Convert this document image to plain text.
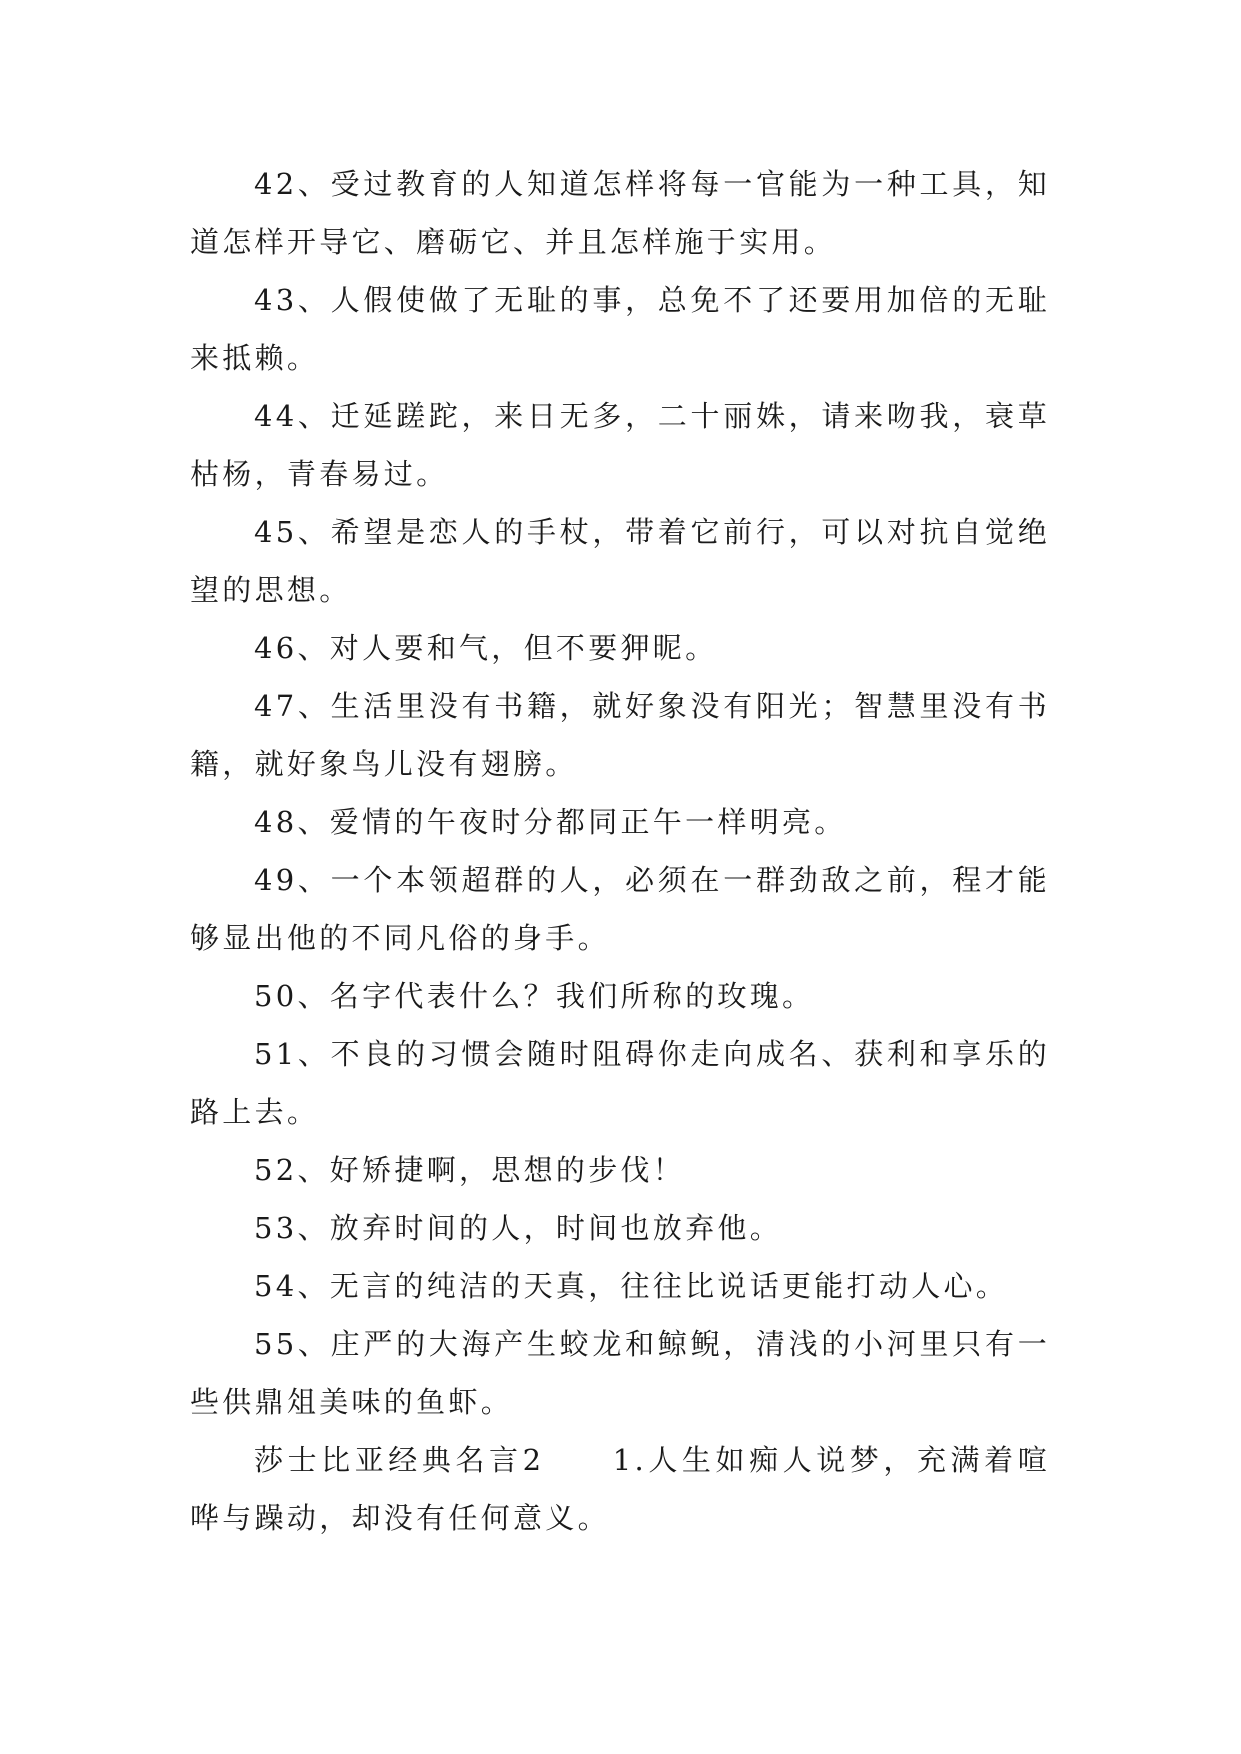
42、受过教育的人知道怎样将每一官能为一种工具，知道怎样开导它、磨砺它、并且怎样施于实用。

43、人假使做了无耻的事，总免不了还要用加倍的无耻来抵赖。

44、迁延蹉跎，来日无多，二十丽姝，请来吻我，衰草枯杨，青春易过。

45、希望是恋人的手杖，带着它前行，可以对抗自觉绝望的思想。

46、对人要和气，但不要狎昵。

47、生活里没有书籍，就好象没有阳光；智慧里没有书籍，就好象鸟儿没有翅膀。

48、爱情的午夜时分都同正午一样明亮。

49、一个本领超群的人，必须在一群劲敌之前，程才能够显出他的不同凡俗的身手。

50、名字代表什么？我们所称的玫瑰。

51、不良的习惯会随时阻碍你走向成名、获利和享乐的路上去。

52、好矫捷啊，思想的步伐！

53、放弃时间的人，时间也放弃他。

54、无言的纯洁的天真，往往比说话更能打动人心。

55、庄严的大海产生蛟龙和鲸鲵，清浅的小河里只有一些供鼎俎美味的鱼虾。

莎士比亚经典名言2　　1.人生如痴人说梦，充满着喧哗与躁动，却没有任何意义。
